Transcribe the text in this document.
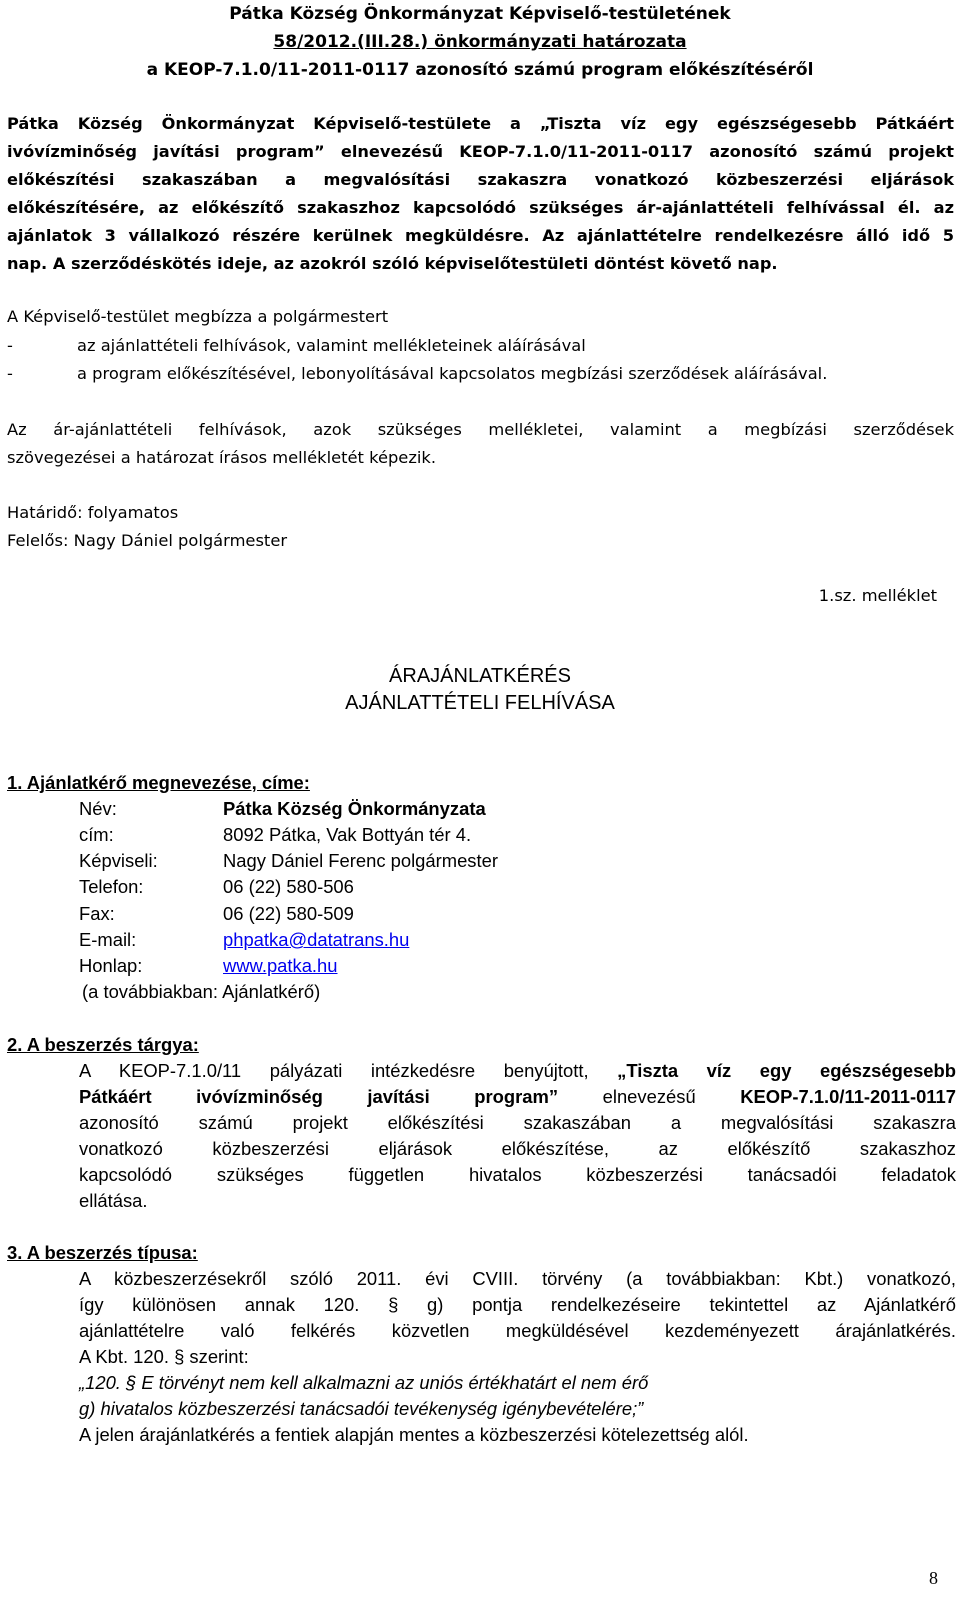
Pátka Község Önkormányzat Képviselő-testületének
58/2012.(III.28.) önkormányzati határozata
a KEOP-7.1.0/11-2011-0117 azonosító számú program előkészítéséről
Pátka Község Önkormányzat Képviselő-testülete a „Tiszta víz egy egészségesebb Pátkáért
ivóvízminőség javítási program” elnevezésű KEOP-7.1.0/11-2011-0117 azonosító számú projekt
előkészítési szakaszában a megvalósítási szakaszra vonatkozó közbeszerzési eljárások
előkészítésére, az előkészítő szakaszhoz kapcsolódó szükséges ár-ajánlattételi felhívással él. az
ajánlatok 3 vállalkozó részére kerülnek megküldésre. Az ajánlattételre rendelkezésre álló idő 5
nap. A szerződéskötés ideje, az azokról szóló képviselőtestületi döntést követő nap.
A Képviselő-testület megbízza a polgármestert
-	az ajánlattételi felhívások, valamint mellékleteinek aláírásával
-	a program előkészítésével, lebonyolításával kapcsolatos megbízási szerződések aláírásával.
Az ár-ajánlattételi felhívások, azok szükséges mellékletei, valamint a megbízási szerződések
szövegezései a határozat írásos mellékletét képezik.
Határidő: folyamatos
Felelős: Nagy Dániel polgármester
1.sz. melléklet
ÁRAJÁNLATKÉRÉS
AJÁNLATTÉTELI FELHÍVÁSA
1. Ajánlatkérő megnevezése, címe:
Név:	Pátka Község Önkormányzata
cím:	8092 Pátka, Vak Bottyán tér 4.
Képviseli:	Nagy Dániel Ferenc polgármester
Telefon:	06 (22) 580-506
Fax:	06 (22) 580-509
E-mail:	phpatka@datatrans.hu
Honlap:	www.patka.hu
(a továbbiakban: Ajánlatkérő)
2. A beszerzés tárgya:
A KEOP-7.1.0/11 pályázati intézkedésre benyújtott, „Tiszta víz egy egészségesebb
Pátkáért ivóvízminőség javítási program” elnevezésű KEOP-7.1.0/11-2011-0117
azonosító számú projekt előkészítési szakaszában a megvalósítási szakaszra
vonatkozó közbeszerzési eljárások előkészítése, az előkészítő szakaszhoz
kapcsolódó szükséges független hivatalos közbeszerzési tanácsadói feladatok
ellátása.
3. A beszerzés típusa:
A közbeszerzésekről szóló 2011. évi CVIII. törvény (a továbbiakban: Kbt.) vonatkozó,
így különösen annak 120. § g) pontja rendelkezéseire tekintettel az Ajánlatkérő
ajánlattételre való felkérés közvetlen megküldésével kezdeményezett árajánlatkérés.
A Kbt. 120. § szerint:
„120. § E törvényt nem kell alkalmazni az uniós értékhatárt el nem érő
g) hivatalos közbeszerzési tanácsadói tevékenység igénybevételére;”
A jelen árajánlatkérés a fentiek alapján mentes a közbeszerzési kötelezettség alól.
8
